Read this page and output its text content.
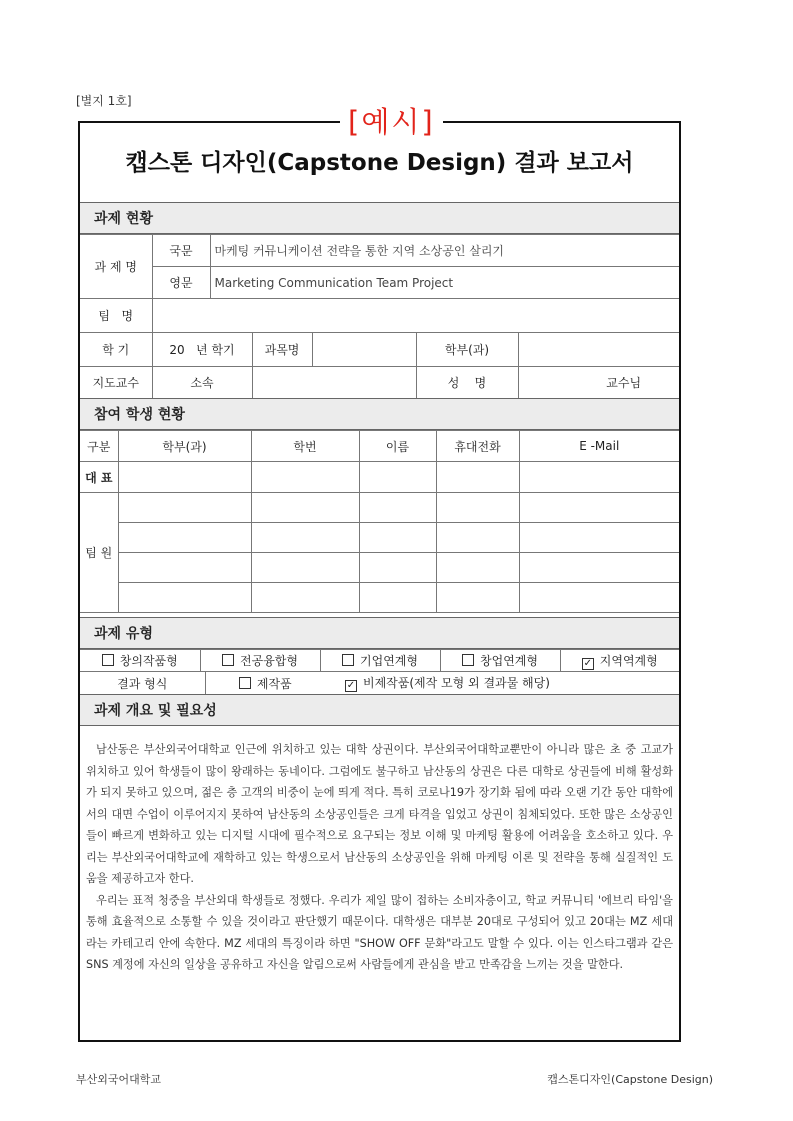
[별지 1호]
[예시]
캡스톤 디자인(Capstone Design) 결과 보고서
과제 현황
과 제 명	국문	마케팅 커뮤니케이션 전략을 통한 지역 소상공인 살리기				
	영문	Marketing Communication Team Project				
팀   명						
학 기	20   년 학기		과목명		학부(과)	
지도교수	소속				성    명	교수님
참여 학생 현황
구분	학부(과)	학번	이름	휴대전화	E -Mail
대 표					
팀 원					

과제 유형
창의작품형	전공융합형	기업연계형	창업연계형	✓지역역계형
결과 형식	제작품	✓비제작품(제작 모형 외 결과물 해당)
과제 개요 및 필요성

남산동은 부산외국어대학교 인근에 위치하고 있는 대학 상권이다. 부산외국어대학교뿐만이 아니라 많은 초 중 고교가 위치하고 있어 학생들이 많이 왕래하는 동네이다. 그럼에도 불구하고 남산동의 상권은 다른 대학로 상권들에 비해 활성화가 되지 못하고 있으며, 젊은 층 고객의 비중이 눈에 띄게 적다. 특히 코로나19가 장기화 됨에 따라 오랜 기간 동안 대학에서의 대면 수업이 이루어지지 못하여 남산동의 소상공인들은 크게 타격을 입었고 상권이 침체되었다. 또한 많은 소상공인들이 빠르게 변화하고 있는 디지털 시대에 필수적으로 요구되는 정보 이해 및 마케팅 활용에 어려움을 호소하고 있다. 우리는 부산외국어대학교에 재학하고 있는 학생으로서 남산동의 소상공인을 위해 마케팅 이론 및 전략을 통해 실질적인 도움을 제공하고자 한다.

우리는 표적 청중을 부산외대 학생들로 정했다. 우리가 제일 많이 접하는 소비자층이고, 학교 커뮤니티 '에브리 타임'을 통해 효율적으로 소통할 수 있을 것이라고 판단했기 때문이다. 대학생은 대부분 20대로 구성되어 있고 20대는 MZ 세대라는 카테고리 안에 속한다. MZ 세대의 특징이라 하면 "SHOW OFF 문화"라고도 말할 수 있다. 이는 인스타그램과 같은 SNS 계정에 자신의 일상을 공유하고 자신을 알림으로써 사람들에게 관심을 받고 만족감을 느끼는 것을 말한다.

부산외국어대학교	캡스톤디자인(Capstone Design)
